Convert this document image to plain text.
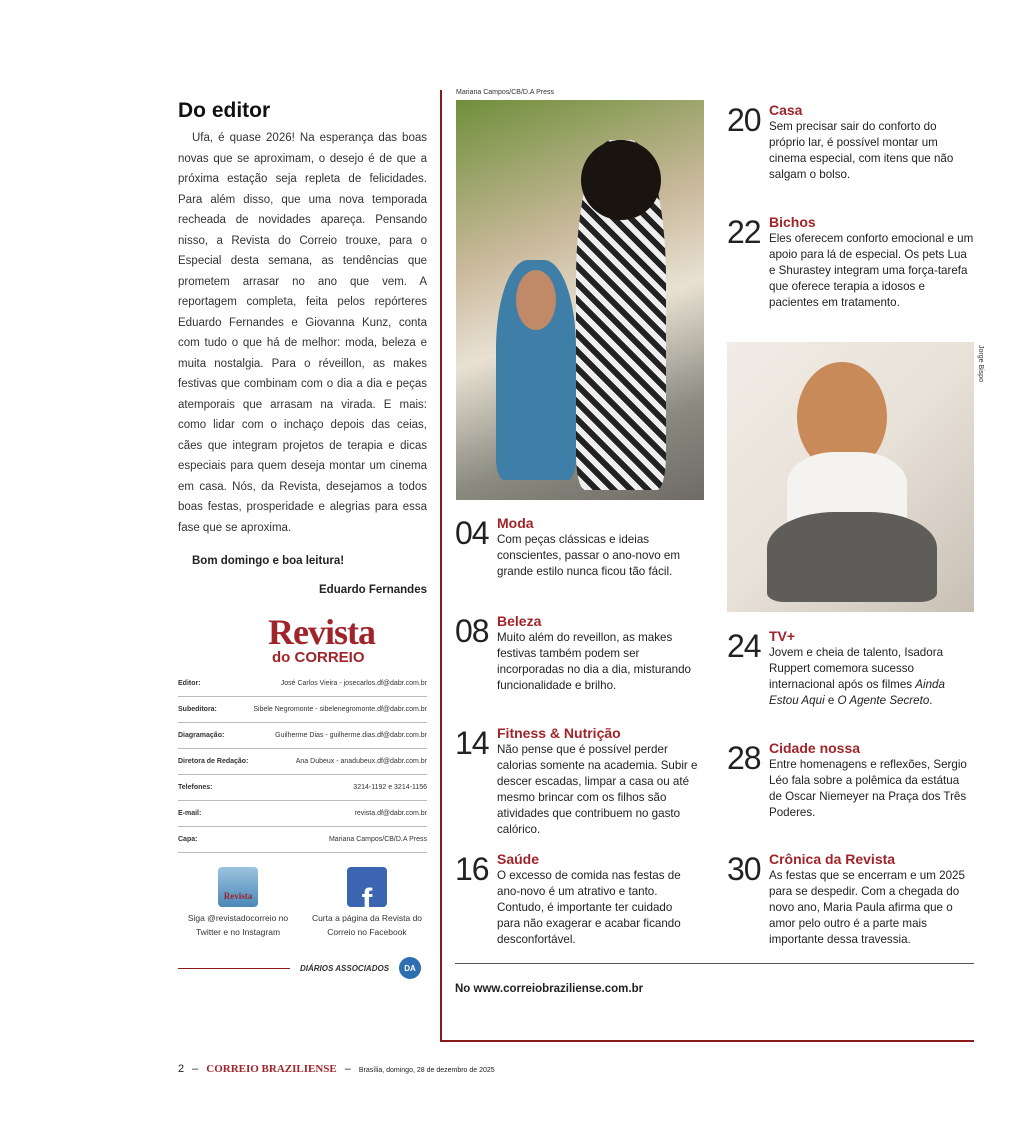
Do editor

Ufa, é quase 2026! Na esperança das boas novas que se aproximam, o desejo é de que a próxima estação seja repleta de felicidades. Para além disso, que uma nova temporada recheada de novidades apareça. Pensando nisso, a Revista do Correio trouxe, para o Especial desta semana, as tendências que prometem arrasar no ano que vem. A reportagem completa, feita pelos repórteres Eduardo Fernandes e Giovanna Kunz, conta com tudo o que há de melhor: moda, beleza e muita nostalgia. Para o réveillon, as makes festivas que combinam com o dia a dia e peças atemporais que arrasam na virada. E mais: como lidar com o inchaço depois das ceias, cães que integram projetos de terapia e dicas especiais para quem deseja montar um cinema em casa. Nós, da Revista, desejamos a todos boas festas, prosperidade e alegrias para essa fase que se aproxima.

Bom domingo e boa leitura!
Eduardo Fernandes
Revista
do CORREIO
Editor:	José Carlos Vieira - josecarlos.df@dabr.com.br
Subeditora:	Sibele Negromonte - sibelenegromonte.df@dabr.com.br
Diagramação:	Guilherme Dias - guilherme.dias.df@dabr.com.br
Diretora de Redação:	Ana Dubeux - anadubeux.df@dabr.com.br
Telefones:	3214-1192 e 3214-1156
E-mail:	revista.df@dabr.com.br
Capa:	Mariana Campos/CB/D.A Press
Revista
Siga @revistadocorreio no Twitter e no Instagram
f
Curta a página da Revista do Correio no Facebook
DIÁRIOS ASSOCIADOS	DA
2 – CORREIO BRAZILIENSE – Brasília, domingo, 28 de dezembro de 2025
Mariana Campos/CB/D.A Press
Jorge Bispo
04 Moda
Com peças clássicas e ideias conscientes, passar o ano-novo em grande estilo nunca ficou tão fácil.
08 Beleza
Muito além do reveillon, as makes festivas também podem ser incorporadas no dia a dia, misturando funcionalidade e brilho.
14 Fitness & Nutrição
Não pense que é possível perder calorias somente na academia. Subir e descer escadas, limpar a casa ou até mesmo brincar com os filhos são atividades que contribuem no gasto calórico.
16 Saúde
O excesso de comida nas festas de ano-novo é um atrativo e tanto. Contudo, é importante ter cuidado para não exagerar e acabar ficando desconfortável.
20 Casa
Sem precisar sair do conforto do próprio lar, é possível montar um cinema especial, com itens que não salgam o bolso.
22 Bichos
Eles oferecem conforto emocional e um apoio para lá de especial. Os pets Lua e Shurastey integram uma força-tarefa que oferece terapia a idosos e pacientes em tratamento.
24 TV+
Jovem e cheia de talento, Isadora Ruppert comemora sucesso internacional após os filmes Ainda Estou Aqui e O Agente Secreto.
28 Cidade nossa
Entre homenagens e reflexões, Sergio Léo fala sobre a polêmica da estátua de Oscar Niemeyer na Praça dos Três Poderes.
30 Crônica da Revista
As festas que se encerram e um 2025 para se despedir. Com a chegada do novo ano, Maria Paula afirma que o amor pelo outro é a parte mais importante dessa travessia.
No www.correiobraziliense.com.br
